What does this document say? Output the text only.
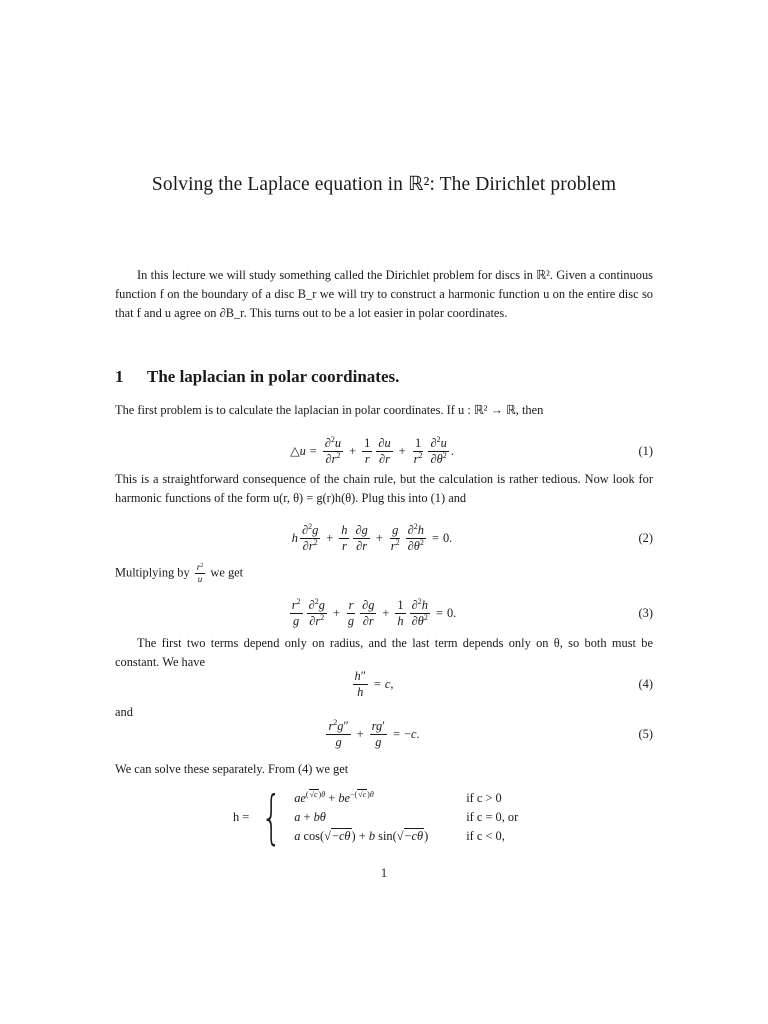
Solving the Laplace equation in ℝ²: The Dirichlet problem
In this lecture we will study something called the Dirichlet problem for discs in ℝ². Given a continuous function f on the boundary of a disc B_r we will try to construct a harmonic function u on the entire disc so that f and u agree on ∂B_r. This turns out to be a lot easier in polar coordinates.
1 The laplacian in polar coordinates.
The first problem is to calculate the laplacian in polar coordinates. If u : ℝ² → ℝ, then
△u = $\frac{\partial^2u}{\partial r^2} + \frac{1}{r} \frac{\partial u}{\partial r} + \frac{1}{r^2} \frac{\partial^2u}{\partial\theta^2}$ .	(1)
This is a straightforward consequence of the chain rule, but the calculation is rather tedious. Now look for harmonic functions of the form u(r, θ) = g(r)h(θ). Plug this into (1) and
h $\frac{\partial^2g}{\partial r^2} + \frac{h}{r} \frac{\partial g}{\partial r} + \frac{g}{r^2} \frac{\partial^2h}{\partial\theta^2} = 0$.	(2)
Multiplying by $\frac{r^2}{u}$ we get
$\frac{r^2}{g} \frac{\partial^2g}{\partial r^2} + \frac{r}{g} \frac{\partial g}{\partial r} + \frac{1}{h} \frac{\partial^2h}{\partial\theta^2} = 0$.	(3)
The first two terms depend only on radius, and the last term depends only on θ, so both must be constant. We have
$\frac{h''}{h} = c$,	(4)
and
$\frac{r^2g''}{g} + \frac{rg'}{g} = -c$.	(5)
We can solve these separately. From (4) we get
h = { $ae^{(√c)\theta} + be^{-(√c)\theta}$	if c > 0
a + bθ	if c = 0, or
a cos(√−cθ) + b sin(√−cθ)	if c < 0,
1
